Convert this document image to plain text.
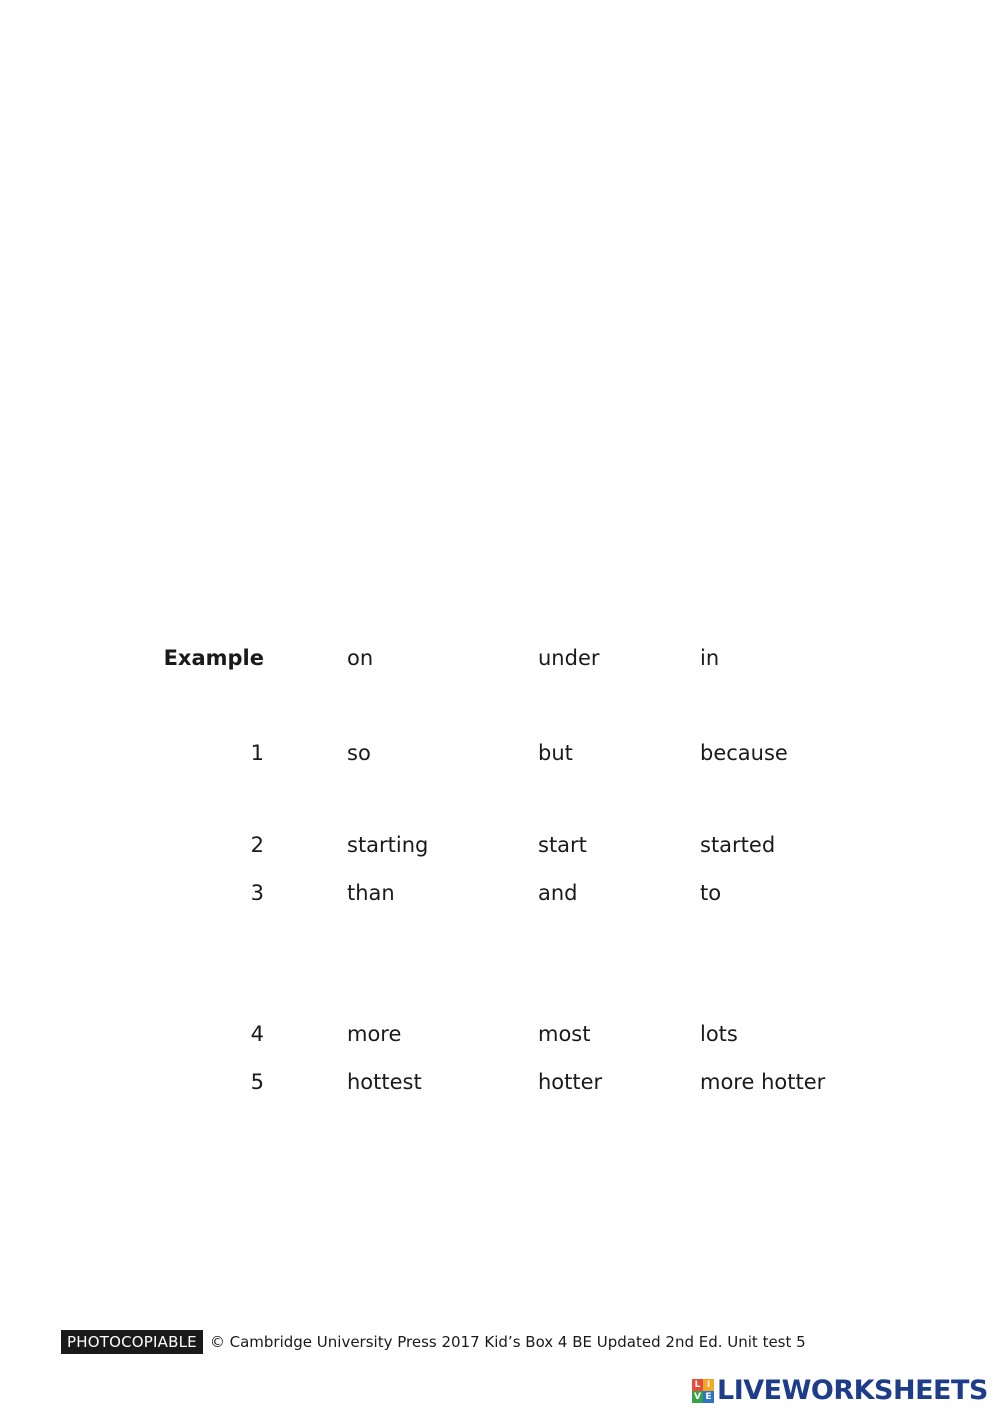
Example	on	under	in
1	so	but	because
2	starting	start	started
3	than	and	to
4	more	most	lots
5	hottest	hotter	more hotter
PHOTOCOPIABLE © Cambridge University Press 2017 Kid’s Box 4 BE Updated 2nd Ed. Unit test 5
L I
V E LIVEWORKSHEETS
